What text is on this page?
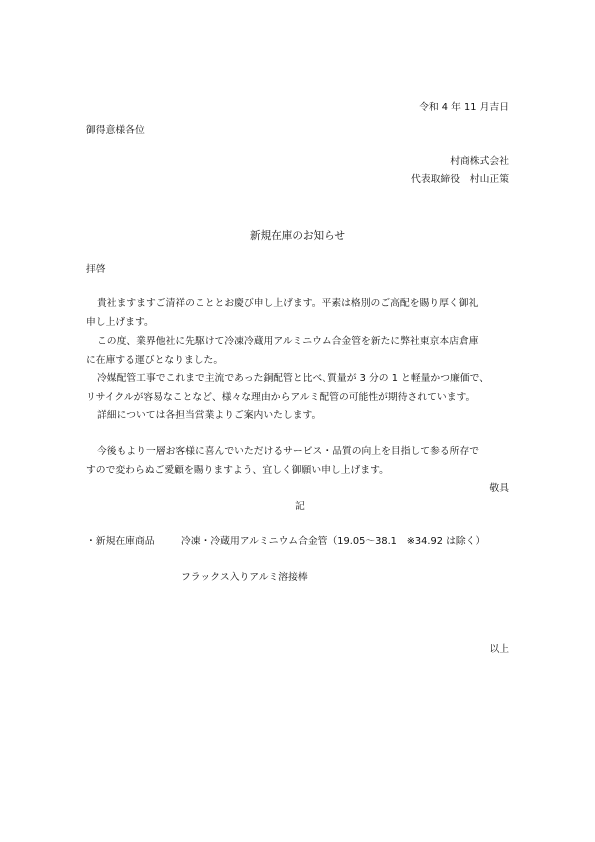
令和 4 年 11 月吉日
御得意様各位
村商株式会社
代表取締役　村山正策
新規在庫のお知らせ
拝啓
貴社ますますご清祥のこととお慶び申し上げます。平素は格別のご高配を賜り厚く御礼
申し上げます。
この度、業界他社に先駆けて冷凍冷蔵用アルミニウム合金管を新たに弊社東京本店倉庫
に在庫する運びとなりました。
冷媒配管工事でこれまで主流であった銅配管と比べ､質量が 3 分の 1 と軽量かつ廉価で、
リサイクルが容易なことなど、様々な理由からアルミ配管の可能性が期待されています。
詳細については各担当営業よりご案内いたします。
今後もより一層お客様に喜んでいただけるサービス・品質の向上を目指して参る所存で
すので変わらぬご愛顧を賜りますよう、宜しく御願い申し上げます。
敬具
記
・新規在庫商品	冷凍・冷蔵用アルミニウム合金管（19.05～38.1　※34.92 は除く）
フラックス入りアルミ溶接棒
以上
